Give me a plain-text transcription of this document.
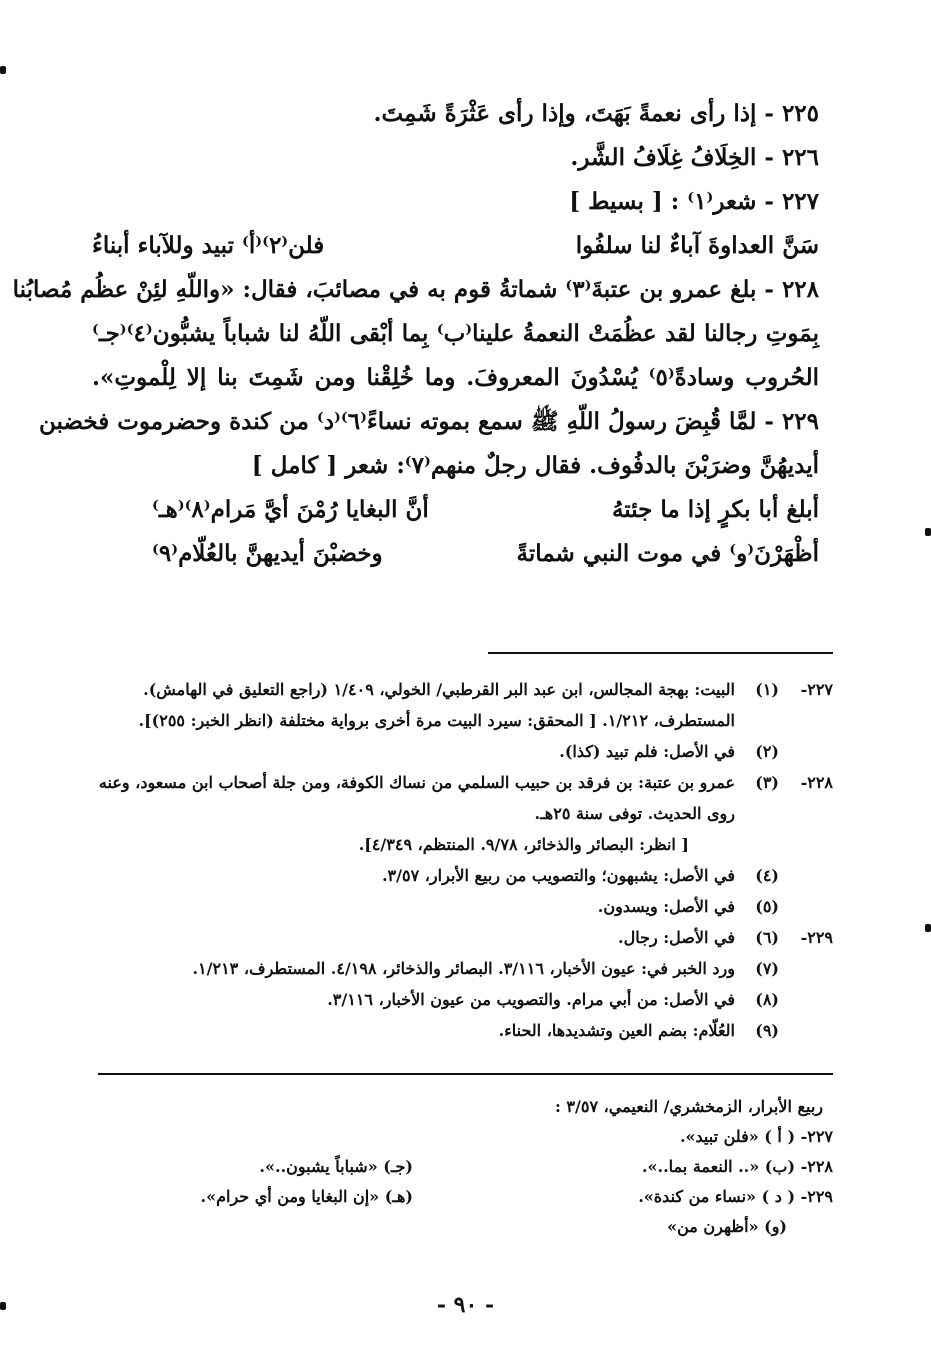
٢٢٥ - إذا رأى نعمةً بَهَتَ، وإذا رأى عَثْرَةً شَمِتَ.
٢٢٦ - الخِلَافُ غِلَافُ الشَّر.
٢٢٧ - شعر⁽١⁾ : [ بسيط ]
سَنَّ العداوةَ آباءٌ لنا سلفُوا
فلن⁽٢⁾⁽أ⁾ تبيد وللآباء أبناءُ
٢٢٨ - بلغ عمرو بن عتبةَ⁽٣⁾ شماتةُ قوم به في مصائبَ، فقال: «واللّهِ لئِنْ عظُم مُصابُنا
بِمَوتِ رجالنا لقد عظُمَتْ النعمةُ علينا⁽ب⁾ بِما أبْقى اللّهُ لنا شباباً يشبُّون⁽٤⁾⁽جـ⁾
الحُروب وسادةً⁽٥⁾ يُسْدُونَ المعروفَ. وما خُلِقْنا ومن شَمِتَ بنا إلا لِلْموتِ».
٢٢٩ - لمَّا قُبِضَ رسولُ اللّهِ ﷺ سمع بموته نساءً⁽٦⁾⁽د⁾ من كندة وحضرموت فخضبن
أيديهُنَّ وضرَبْنَ بالدفُوف. فقال رجلٌ منهم⁽٧⁾: شعر [ كامل ]
أبلغ أبا بكرٍ إذا ما جئتهُ
أنَّ البغايا رُمْنَ أيَّ مَرام⁽٨⁾⁽هـ⁾
أظْهَرْنَ⁽و⁾ في موت النبي شماتةً
وخضبْنَ أيديهنَّ بالعُلّام⁽٩⁾
٢٢٧-
(١)
البيت: بهجة المجالس، ابن عبد البر القرطبي/ الخولي، ١/٤٠٩ (راجع التعليق في الهامش).
المستطرف، ١/٢١٢. [ المحقق: سيرد البيت مرة أخرى برواية مختلفة (انظر الخبر: ٢٥٥)].
(٢)
في الأصل: فلم تبيد (كذا).
٢٢٨-
(٣)
عمرو بن عتبة: بن فرقد بن حبيب السلمي من نساك الكوفة، ومن جلة أصحاب ابن مسعود، وعنه
روى الحديث. توفى سنة ٢٥هـ.
[ انظر: البصائر والذخائر، ٩/٧٨. المنتظم، ٤/٣٤٩].
(٤)
في الأصل: يشبهون؛ والتصويب من ربيع الأبرار، ٣/٥٧.
(٥)
في الأصل: ويسدون.
٢٢٩-
(٦)
في الأصل: رجال.
(٧)
ورد الخبر في: عيون الأخبار، ٣/١١٦. البصائر والذخائر، ٤/١٩٨. المستطرف، ١/٢١٣.
(٨)
في الأصل: من أبي مرام. والتصويب من عيون الأخبار، ٣/١١٦.
(٩)
العُلّام: بضم العين وتشديدها، الحناء.
ربيع الأبرار، الزمخشري/ النعيمي، ٣/٥٧ :
٢٢٧- ( أ ) «فلن تبيد».
٢٢٨- (ب) «.. النعمة بما..».
(جـ) «شباباً يشبون..».
٢٢٩- ( د ) «نساء من كندة».
(هـ) «إن البغايا ومن أي حرام».
(و) «أظهرن من»
- ٩٠ -
